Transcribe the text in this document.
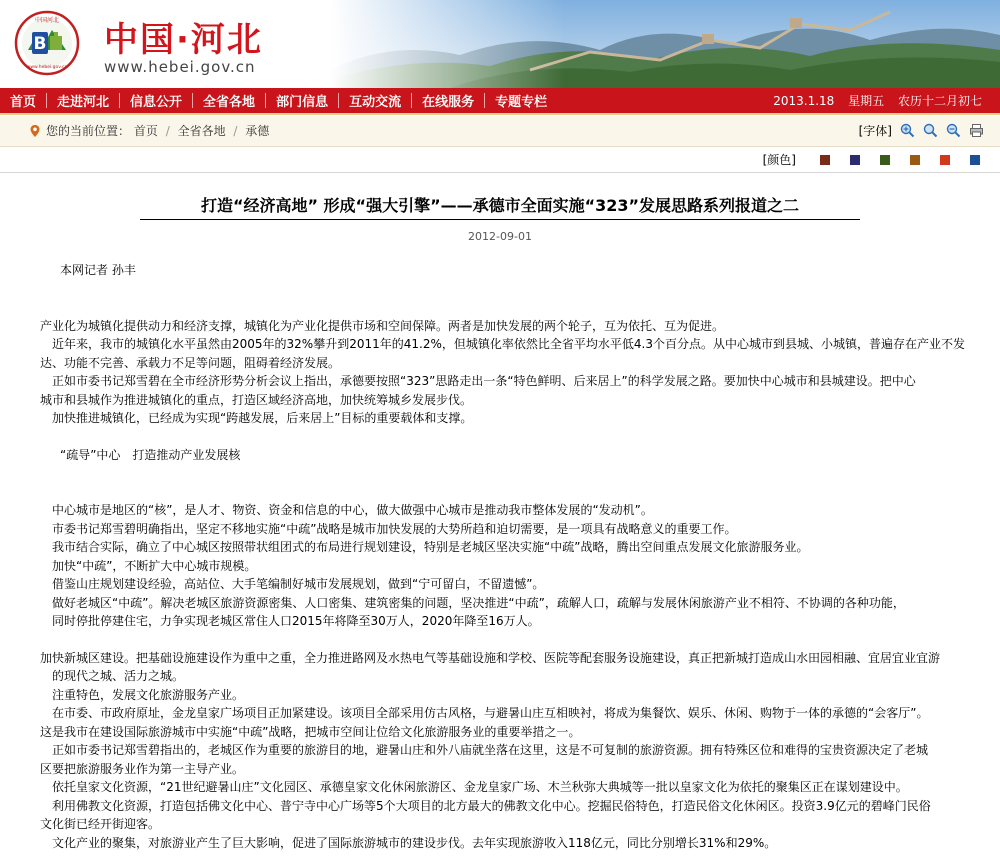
B
中国河北
www.hebei.gov.cn
中国·河北
www.hebei.gov.cn
首页	走进河北	信息公开	全省各地	部门信息	互动交流	在线服务	专题专栏	2013.1.18 星期五 农历十二月初七
您的当前位置： 首页 / 全省各地 / 承德	[字体]
[颜色]
打造“经济高地” 形成“强大引擎”——承德市全面实施“323”发展思路系列报道之二
2012-09-01

本网记者 孙丰

产业化为城镇化提供动力和经济支撑，城镇化为产业化提供市场和空间保障。两者是加快发展的两个轮子，互为依托、互为促进。

近年来，我市的城镇化水平虽然由2005年的32%攀升到2011年的41.2%，但城镇化率依然比全省平均水平低4.3个百分点。从中心城市到县城、小城镇，普遍存在产业不发

达、功能不完善、承载力不足等问题，阻碍着经济发展。

正如市委书记郑雪碧在全市经济形势分析会议上指出，承德要按照“323”思路走出一条“特色鲜明、后来居上”的科学发展之路。要加快中心城市和县城建设。把中心

城市和县城作为推进城镇化的重点，打造区域经济高地，加快统筹城乡发展步伐。

加快推进城镇化，已经成为实现“跨越发展，后来居上”目标的重要载体和支撑。

“疏导”中心　打造推动产业发展核

中心城市是地区的“核”，是人才、物资、资金和信息的中心，做大做强中心城市是推动我市整体发展的“发动机”。

市委书记郑雪碧明确指出，坚定不移地实施“中疏”战略是城市加快发展的大势所趋和迫切需要，是一项具有战略意义的重要工作。

我市结合实际，确立了中心城区按照带状组团式的布局进行规划建设，特别是老城区坚决实施“中疏”战略，腾出空间重点发展文化旅游服务业。

加快“中疏”，不断扩大中心城市规模。

借鉴山庄规划建设经验，高站位、大手笔编制好城市发展规划，做到“宁可留白，不留遗憾”。

做好老城区“中疏”。解决老城区旅游资源密集、人口密集、建筑密集的问题，坚决推进“中疏”，疏解人口，疏解与发展休闲旅游产业不相符、不协调的各种功能，

同时停批停建住宅，力争实现老城区常住人口2015年将降至30万人，2020年降至16万人。

加快新城区建设。把基础设施建设作为重中之重，全力推进路网及水热电气等基础设施和学校、医院等配套服务设施建设，真正把新城打造成山水田园相融、宜居宜业宜游

的现代之城、活力之城。

注重特色，发展文化旅游服务产业。

在市委、市政府原址，金龙皇家广场项目正加紧建设。该项目全部采用仿古风格，与避暑山庄互相映衬，将成为集餐饮、娱乐、休闲、购物于一体的承德的“会客厅”。

这是我市在建设国际旅游城市中实施“中疏”战略，把城市空间让位给文化旅游服务业的重要举措之一。

正如市委书记郑雪碧指出的，老城区作为重要的旅游目的地，避暑山庄和外八庙就坐落在这里，这是不可复制的旅游资源。拥有特殊区位和难得的宝贵资源决定了老城

区要把旅游服务业作为第一主导产业。

依托皇家文化资源，“21世纪避暑山庄”文化园区、承德皇家文化休闲旅游区、金龙皇家广场、木兰秋弥大典城等一批以皇家文化为依托的聚集区正在谋划建设中。

利用佛教文化资源，打造包括佛文化中心、普宁寺中心广场等5个大项目的北方最大的佛教文化中心。挖掘民俗特色，打造民俗文化休闲区。投资3.9亿元的碧峰门民俗

文化街已经开街迎客。

文化产业的聚集，对旅游业产生了巨大影响，促进了国际旅游城市的建设步伐。去年实现旅游收入118亿元，同比分别增长31%和29%。
